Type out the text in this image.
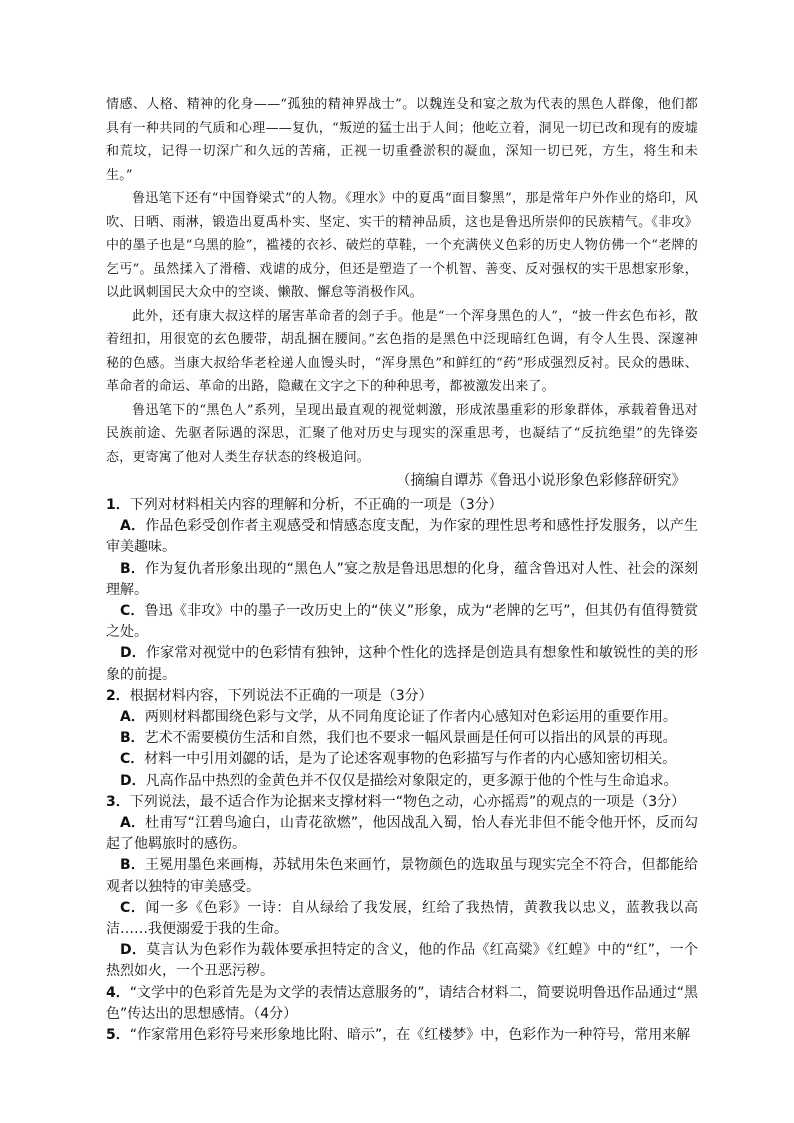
情感、人格、精神的化身——“孤独的精神界战士”。以魏连殳和宴之敖为代表的黑色人群像，他们都具有一种共同的气质和心理——复仇，“叛逆的猛士出于人间；他屹立着，洞见一切已改和现有的废墟和荒坟，记得一切深广和久远的苦痛，正视一切重叠淤积的凝血，深知一切已死，方生，将生和未生。”

鲁迅笔下还有“中国脊梁式”的人物。《理水》中的夏禹“面目黎黑”，那是常年户外作业的烙印，风吹、日晒、雨淋，锻造出夏禹朴实、坚定、实干的精神品质，这也是鲁迅所崇仰的民族精气。《非攻》中的墨子也是“乌黑的脸”，褴褛的衣衫、破烂的草鞋，一个充满侠义色彩的历史人物仿佛一个“老牌的乞丐”。虽然揉入了滑稽、戏谑的成分，但还是塑造了一个机智、善变、反对强权的实干思想家形象，以此讽刺国民大众中的空谈、懒散、懈怠等消极作风。

此外，还有康大叔这样的屠害革命者的刽子手。他是“一个浑身黑色的人”，“披一件玄色布衫，散着纽扣，用很宽的玄色腰带，胡乱捆在腰间。”玄色指的是黑色中泛现暗红色调，有令人生畏、深邃神秘的色感。当康大叔给华老栓递人血馒头时，“浑身黑色”和鲜红的“药”形成强烈反衬。民众的愚昧、革命者的命运、革命的出路，隐藏在文字之下的种种思考，都被激发出来了。

鲁迅笔下的“黑色人”系列，呈现出最直观的视觉刺激，形成浓墨重彩的形象群体，承载着鲁迅对民族前途、先驱者际遇的深思，汇聚了他对历史与现实的深重思考，也凝结了“反抗绝望”的先锋姿态，更寄寓了他对人类生存状态的终极追问。

（摘编自谭苏《鲁迅小说形象色彩修辞研究》

1．下列对材料相关内容的理解和分析，不正确的一项是（3分）

A．作品色彩受创作者主观感受和情感态度支配，为作家的理性思考和感性抒发服务，以产生审美趣味。

B．作为复仇者形象出现的“黑色人”宴之敖是鲁迅思想的化身，蕴含鲁迅对人性、社会的深刻理解。

C．鲁迅《非攻》中的墨子一改历史上的“侠义”形象，成为“老牌的乞丐”，但其仍有值得赞赏之处。

D．作家常对视觉中的色彩情有独钟，这种个性化的选择是创造具有想象性和敏锐性的美的形象的前提。

2．根据材料内容，下列说法不正确的一项是（3分）

A．两则材料都围绕色彩与文学，从不同角度论证了作者内心感知对色彩运用的重要作用。

B．艺术不需要模仿生活和自然，我们也不要求一幅风景画是任何可以指出的风景的再现。

C．材料一中引用刘勰的话，是为了论述客观事物的色彩描写与作者的内心感知密切相关。

D．凡高作品中热烈的金黄色并不仅仅是描绘对象限定的，更多源于他的个性与生命追求。

3．下列说法，最不适合作为论据来支撑材料一“物色之动，心亦摇焉”的观点的一项是（3分）

A．杜甫写“江碧鸟逾白，山青花欲燃”，他因战乱入蜀，怡人春光非但不能令他开怀，反而勾起了他羁旅时的感伤。

B．王冕用墨色来画梅，苏轼用朱色来画竹，景物颜色的选取虽与现实完全不符合，但都能给观者以独特的审美感受。

C．闻一多《色彩》一诗：自从绿给了我发展，红给了我热情，黄教我以忠义，蓝教我以高洁……我便溺爱于我的生命。

D．莫言认为色彩作为载体要承担特定的含义，他的作品《红高粱》《红蝗》中的“红”，一个热烈如火，一个丑恶污秽。

4．“文学中的色彩首先是为文学的表情达意服务的”，请结合材料二，简要说明鲁迅作品通过“黑色”传达出的思想感情。（4分）

5．“作家常用色彩符号来形象地比附、暗示”，在《红楼梦》中，色彩作为一种符号，常用来解
